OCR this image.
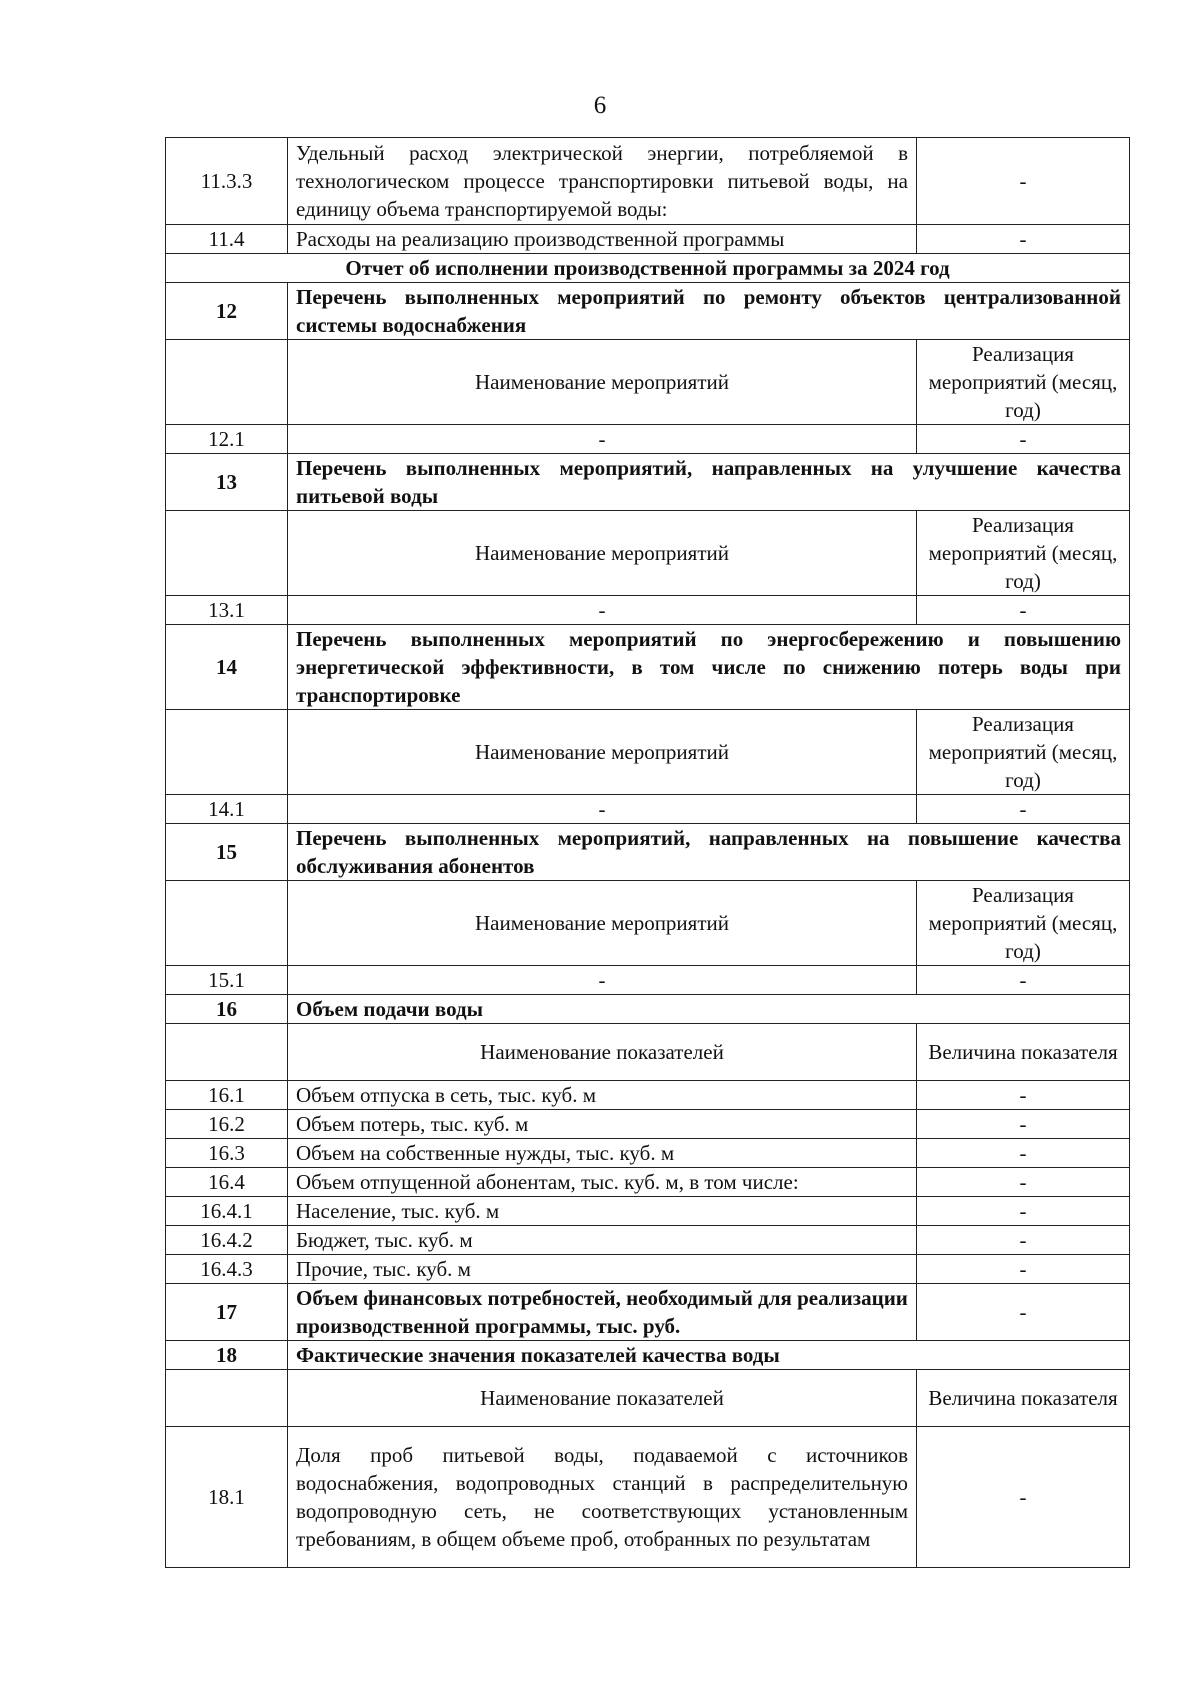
6
11.3.3	Удельный расход электрической энергии, потребляемой в технологическом процессе транспортировки питьевой воды, на единицу объема транспортируемой воды:	-
11.4	Расходы на реализацию производственной программы	-
Отчет об исполнении производственной программы за 2024 год		
12	Перечень выполненных мероприятий по ремонту объектов централизованной системы водоснабжения	
	Наименование мероприятий	Реализация мероприятий (месяц, год)
12.1	-	-
13	Перечень выполненных мероприятий, направленных на улучшение качества питьевой воды	
	Наименование мероприятий	Реализация мероприятий (месяц, год)
13.1	-	-
14	Перечень выполненных мероприятий по энергосбережению и повышению энергетической эффективности, в том числе по снижению потерь воды при транспортировке	
	Наименование мероприятий	Реализация мероприятий (месяц, год)
14.1	-	-
15	Перечень выполненных мероприятий, направленных на повышение качества обслуживания абонентов	
	Наименование мероприятий	Реализация мероприятий (месяц, год)
15.1	-	-
16	Объем подачи воды	
	Наименование показателей	Величина показателя
16.1	Объем отпуска в сеть, тыс. куб. м	-
16.2	Объем потерь, тыс. куб. м	-
16.3	Объем на собственные нужды, тыс. куб. м	-
16.4	Объем отпущенной абонентам, тыс. куб. м, в том числе:	-
16.4.1	Население, тыс. куб. м	-
16.4.2	Бюджет, тыс. куб. м	-
16.4.3	Прочие, тыс. куб. м	-
17	Объем финансовых потребностей, необходимый для реализации производственной программы, тыс. руб.	-
18	Фактические значения показателей качества воды	
	Наименование показателей	Величина показателя
18.1	Доля проб питьевой воды, подаваемой с источников водоснабжения, водопроводных станций в распределительную водопроводную сеть, не соответствующих установленным требованиям, в общем объеме проб, отобранных по результатам	-
